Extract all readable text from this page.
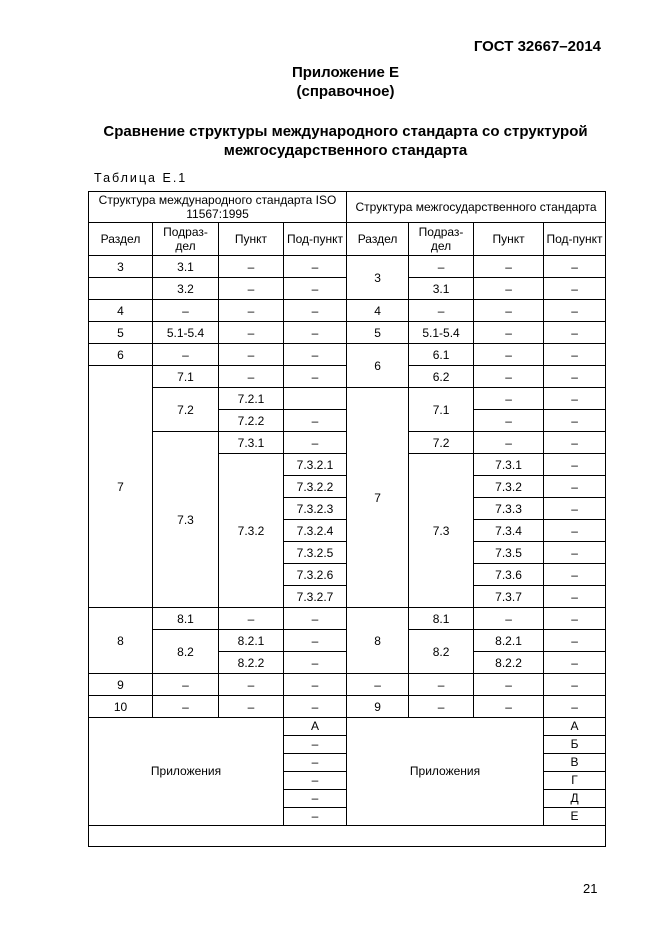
ГОСТ 32667–2014
Приложение Е
(справочное)
Сравнение структуры международного стандарта со структурой
межгосударственного стандарта
Таблица Е.1
Структура международного стандарта ISO 11567:1995				Структура межгосударственного стандарта			
Раздел	Подраз-дел	Пункт	Под-пункт	Раздел	Подраз-дел	Пункт	Под-пункт
3	3.1	–	–	3	–	–	–
	3.2	–	–		3.1	–	–
4	–	–	–	4	–	–	–
5	5.1-5.4	–	–	5	5.1-5.4	–	–
6	–	–	–	6	6.1	–	–
7	7.1	–	–		6.2	–	–
	7.2	7.2.1		7	7.1	–	–
		7.2.2	–			–	–
	7.3	7.3.1	–		7.2	–	–
		7.3.2	7.3.2.1		7.3	7.3.1	–
			7.3.2.2			7.3.2	–
			7.3.2.3			7.3.3	–
			7.3.2.4			7.3.4	–
			7.3.2.5			7.3.5	–
			7.3.2.6			7.3.6	–
			7.3.2.7			7.3.7	–
8	8.1	–	–	8	8.1	–	–
	8.2	8.2.1	–		8.2	8.2.1	–
		8.2.2	–			8.2.2	–
9	–	–	–	–	–	–	–
10	–	–	–	9	–	–	–
Приложения			А	Приложения			А
			–				Б
			–				В
			–				Г
			–				Д
			–				Е

21
